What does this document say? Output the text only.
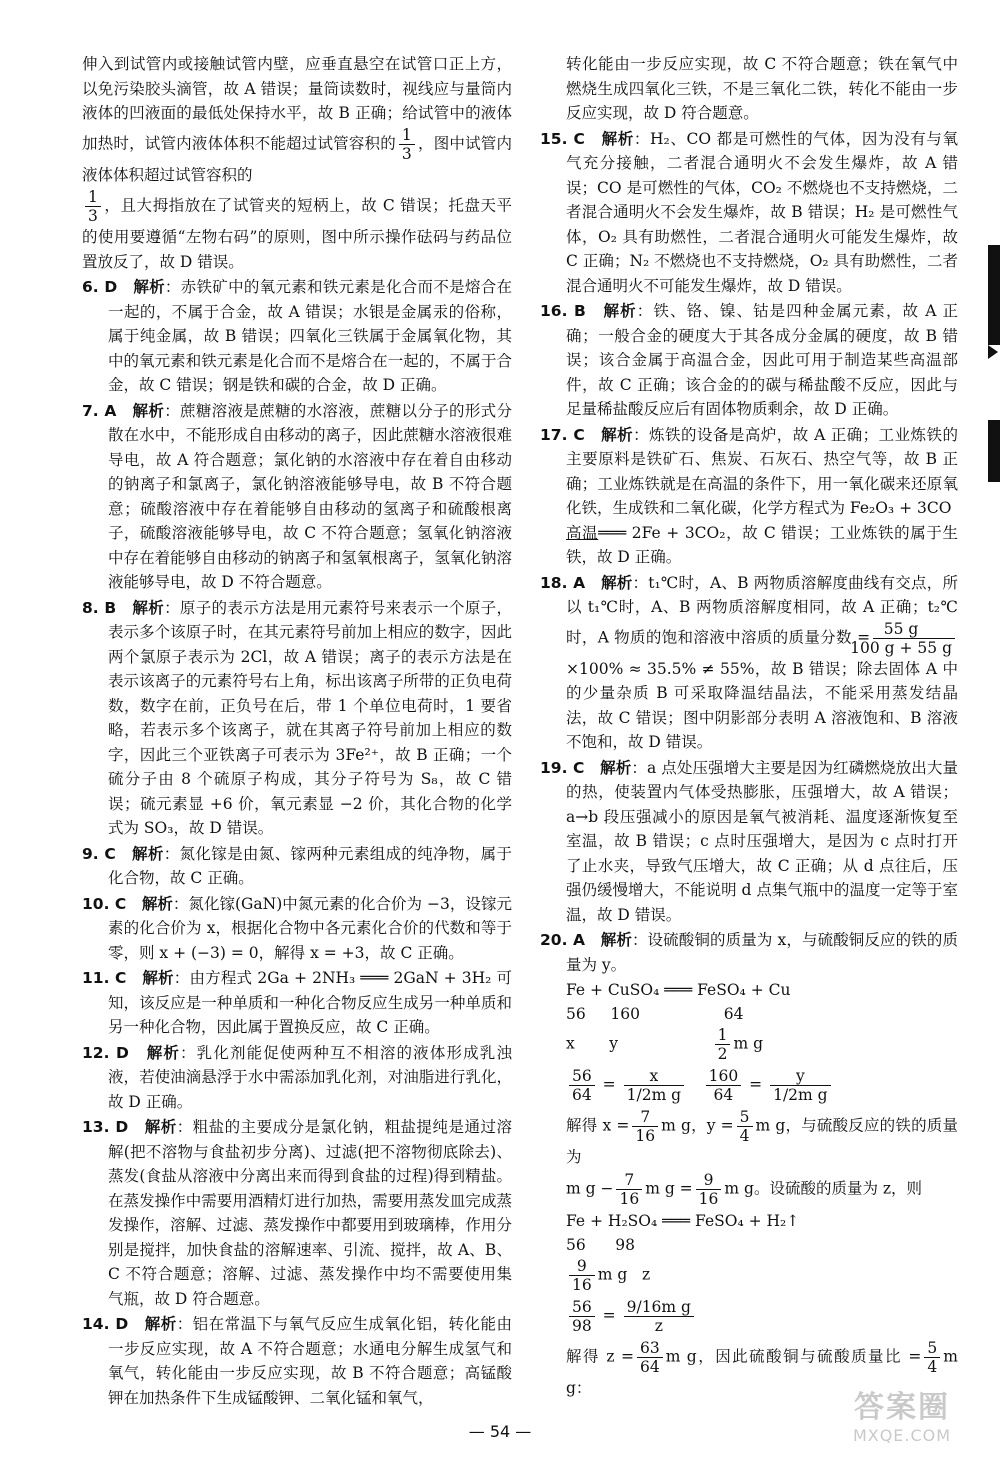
伸入到试管内或接触试管内壁，应垂直悬空在试管口正上方，以免污染胶头滴管，故 A 错误；量筒读数时，视线应与量筒内液体的凹液面的最低处保持水平，故 B 正确；给试管中的液体加热时，试管内液体体积不能超过试管容积的 $\frac{1}{3}$ ，图中试管内液体体积超过试管容积的

$\frac{1}{3}$ ，且大拇指放在了试管夹的短柄上，故 C 错误；托盘天平的使用要遵循“左物右码”的原则，图中所示操作砝码与药品位置放反了，故 D 错误。

6. D　 解析：赤铁矿中的氧元素和铁元素是化合而不是熔合在一起的，不属于合金，故 A 错误；水银是金属汞的俗称，属于纯金属，故 B 错误；四氧化三铁属于金属氧化物，其中的氧元素和铁元素是化合而不是熔合在一起的，不属于合金，故 C 错误；钢是铁和碳的合金，故 D 正确。

7. A　 解析：蔗糖溶液是蔗糖的水溶液，蔗糖以分子的形式分散在水中，不能形成自由移动的离子，因此蔗糖水溶液很难导电，故 A 符合题意；氯化钠的水溶液中存在着自由移动的钠离子和氯离子，氯化钠溶液能够导电，故 B 不符合题意；硫酸溶液中存在着能够自由移动的氢离子和硫酸根离子，硫酸溶液能够导电，故 C 不符合题意；氢氧化钠溶液中存在着能够自由移动的钠离子和氢氧根离子，氢氧化钠溶液能够导电，故 D 不符合题意。

8. B　 解析：原子的表示方法是用元素符号来表示一个原子，表示多个该原子时，在其元素符号前加上相应的数字，因此两个氯原子表示为 2Cl，故 A 错误；离子的表示方法是在表示该离子的元素符号右上角，标出该离子所带的正负电荷数，数字在前，正负号在后，带 1 个单位电荷时，1 要省略，若表示多个该离子，就在其离子符号前加上相应的数字，因此三个亚铁离子可表示为 3Fe²⁺，故 B 正确；一个硫分子由 8 个硫原子构成，其分子符号为 S₈，故 C 错误；硫元素显 +6 价，氧元素显 −2 价，其化合物的化学式为 SO₃，故 D 错误。

9. C　 解析：氮化镓是由氮、镓两种元素组成的纯净物，属于化合物，故 C 正确。

10. C　 解析：氮化镓(GaN)中氮元素的化合价为 −3，设镓元素的化合价为 x，根据化合物中各元素化合价的代数和等于零，则 x + (−3) = 0，解得 x = +3，故 C 正确。

11. C　 解析：由方程式 2Ga + 2NH₃ ═══ 2GaN + 3H₂ 可知，该反应是一种单质和一种化合物反应生成另一种单质和另一种化合物，因此属于置换反应，故 C 正确。

12. D　 解析：乳化剂能促使两种互不相溶的液体形成乳浊液，若使油滴悬浮于水中需添加乳化剂，对油脂进行乳化，故 D 正确。

13. D　 解析：粗盐的主要成分是氯化钠，粗盐提纯是通过溶解(把不溶物与食盐初步分离)、过滤(把不溶物彻底除去)、蒸发(食盐从溶液中分离出来而得到食盐的过程)得到精盐。在蒸发操作中需要用酒精灯进行加热，需要用蒸发皿完成蒸发操作，溶解、过滤、蒸发操作中都要用到玻璃棒，作用分别是搅拌，加快食盐的溶解速率、引流、搅拌，故 A、B、C 不符合题意；溶解、过滤、蒸发操作中均不需要使用集气瓶，故 D 符合题意。

14. D　 解析：铝在常温下与氧气反应生成氧化铝，转化能由一步反应实现，故 A 不符合题意；水通电分解生成氢气和氧气，转化能由一步反应实现，故 B 不符合题意；高锰酸钾在加热条件下生成锰酸钾、二氧化锰和氧气，

转化能由一步反应实现，故 C 不符合题意；铁在氧气中燃烧生成四氧化三铁，不是三氧化二铁，转化不能由一步反应实现，故 D 符合题意。

15. C　 解析：H₂、CO 都是可燃性的气体，因为没有与氧气充分接触，二者混合通明火不会发生爆炸，故 A 错误；CO 是可燃性的气体，CO₂ 不燃烧也不支持燃烧，二者混合通明火不会发生爆炸，故 B 错误；H₂ 是可燃性气体，O₂ 具有助燃性，二者混合通明火可能发生爆炸，故 C 正确；N₂ 不燃烧也不支持燃烧，O₂ 具有助燃性，二者混合通明火不可能发生爆炸，故 D 错误。

16. B　 解析：铁、铬、镍、钴是四种金属元素，故 A 正确；一般合金的硬度大于其各成分金属的硬度，故 B 错误；该合金属于高温合金，因此可用于制造某些高温部件，故 C 正确；该合金的的碳与稀盐酸不反应，因此与足量稀盐酸反应后有固体物质剩余，故 D 正确。

17. C　 解析：炼铁的设备是高炉，故 A 正确；工业炼铁的主要原料是铁矿石、焦炭、石灰石、热空气等，故 B 正确；工业炼铁就是在高温的条件下，用一氧化碳来还原氧化铁，生成铁和二氧化碳，化学方程式为 Fe₂O₃ + 3CO
高温═══ 2Fe + 3CO₂，故 C 错误；工业炼铁的属于生铁，故 D 正确。

18. A　 解析：t₁℃时，A、B 两物质溶解度曲线有交点，所以 t₁℃时，A、B 两物质溶解度相同，故 A 正确；t₂℃时，A 物质的饱和溶液中溶质的质量分数 = $\frac{55 g}{100 g + 55 g}$
×100% ≈ 35.5% ≠ 55%，故 B 错误；除去固体 A 中的少量杂质 B 可采取降温结晶法，不能采用蒸发结晶法，故 C 错误；图中阴影部分表明 A 溶液饱和、B 溶液不饱和，故 D 错误。

19. C　 解析：a 点处压强增大主要是因为红磷燃烧放出大量的热，使装置内气体受热膨胀，压强增大，故 A 错误；a→b 段压强减小的原因是氧气被消耗、温度逐渐恢复至室温，故 B 错误；c 点时压强增大，是因为 c 点时打开了止水夹，导致气压增大，故 C 正确；从 d 点往后，压强仍缓慢增大，不能说明 d 点集气瓶中的温度一定等于室温，故 D 错误。

20. A　 解析：设硫酸铜的质量为 x，与硫酸铜反应的铁的质量为 y。

Fe + CuSO₄ ═══ FeSO₄ + Cu

56     160                 64

x       y $\frac{1}{2}$ m g

$\frac{56}{64} = \frac{x}{\text{1/2m g}}$
　 $\frac{160}{64} = \frac{y}{\text{1/2m g}}$

解得 $x = \frac{7}{16}$ m g，$y = \frac{5}{4}$ m g，与硫酸反应的铁的质量为

m $g - \frac{7}{16}$ m $g = \frac{9}{16}$ m g。设硫酸的质量为 z，则

Fe + H₂SO₄ ═══ FeSO₄ + H₂↑

56      98

$\frac{9}{16}$ m g   z

$\frac{56}{98} = \frac{\text{9/16m g}}{z}$

解得 $z = \frac{63}{64}$ m g，因此硫酸铜与硫酸质量比 = $\frac{5}{4}$ m g：

— 54 —
答案圈
MXQE.COM
